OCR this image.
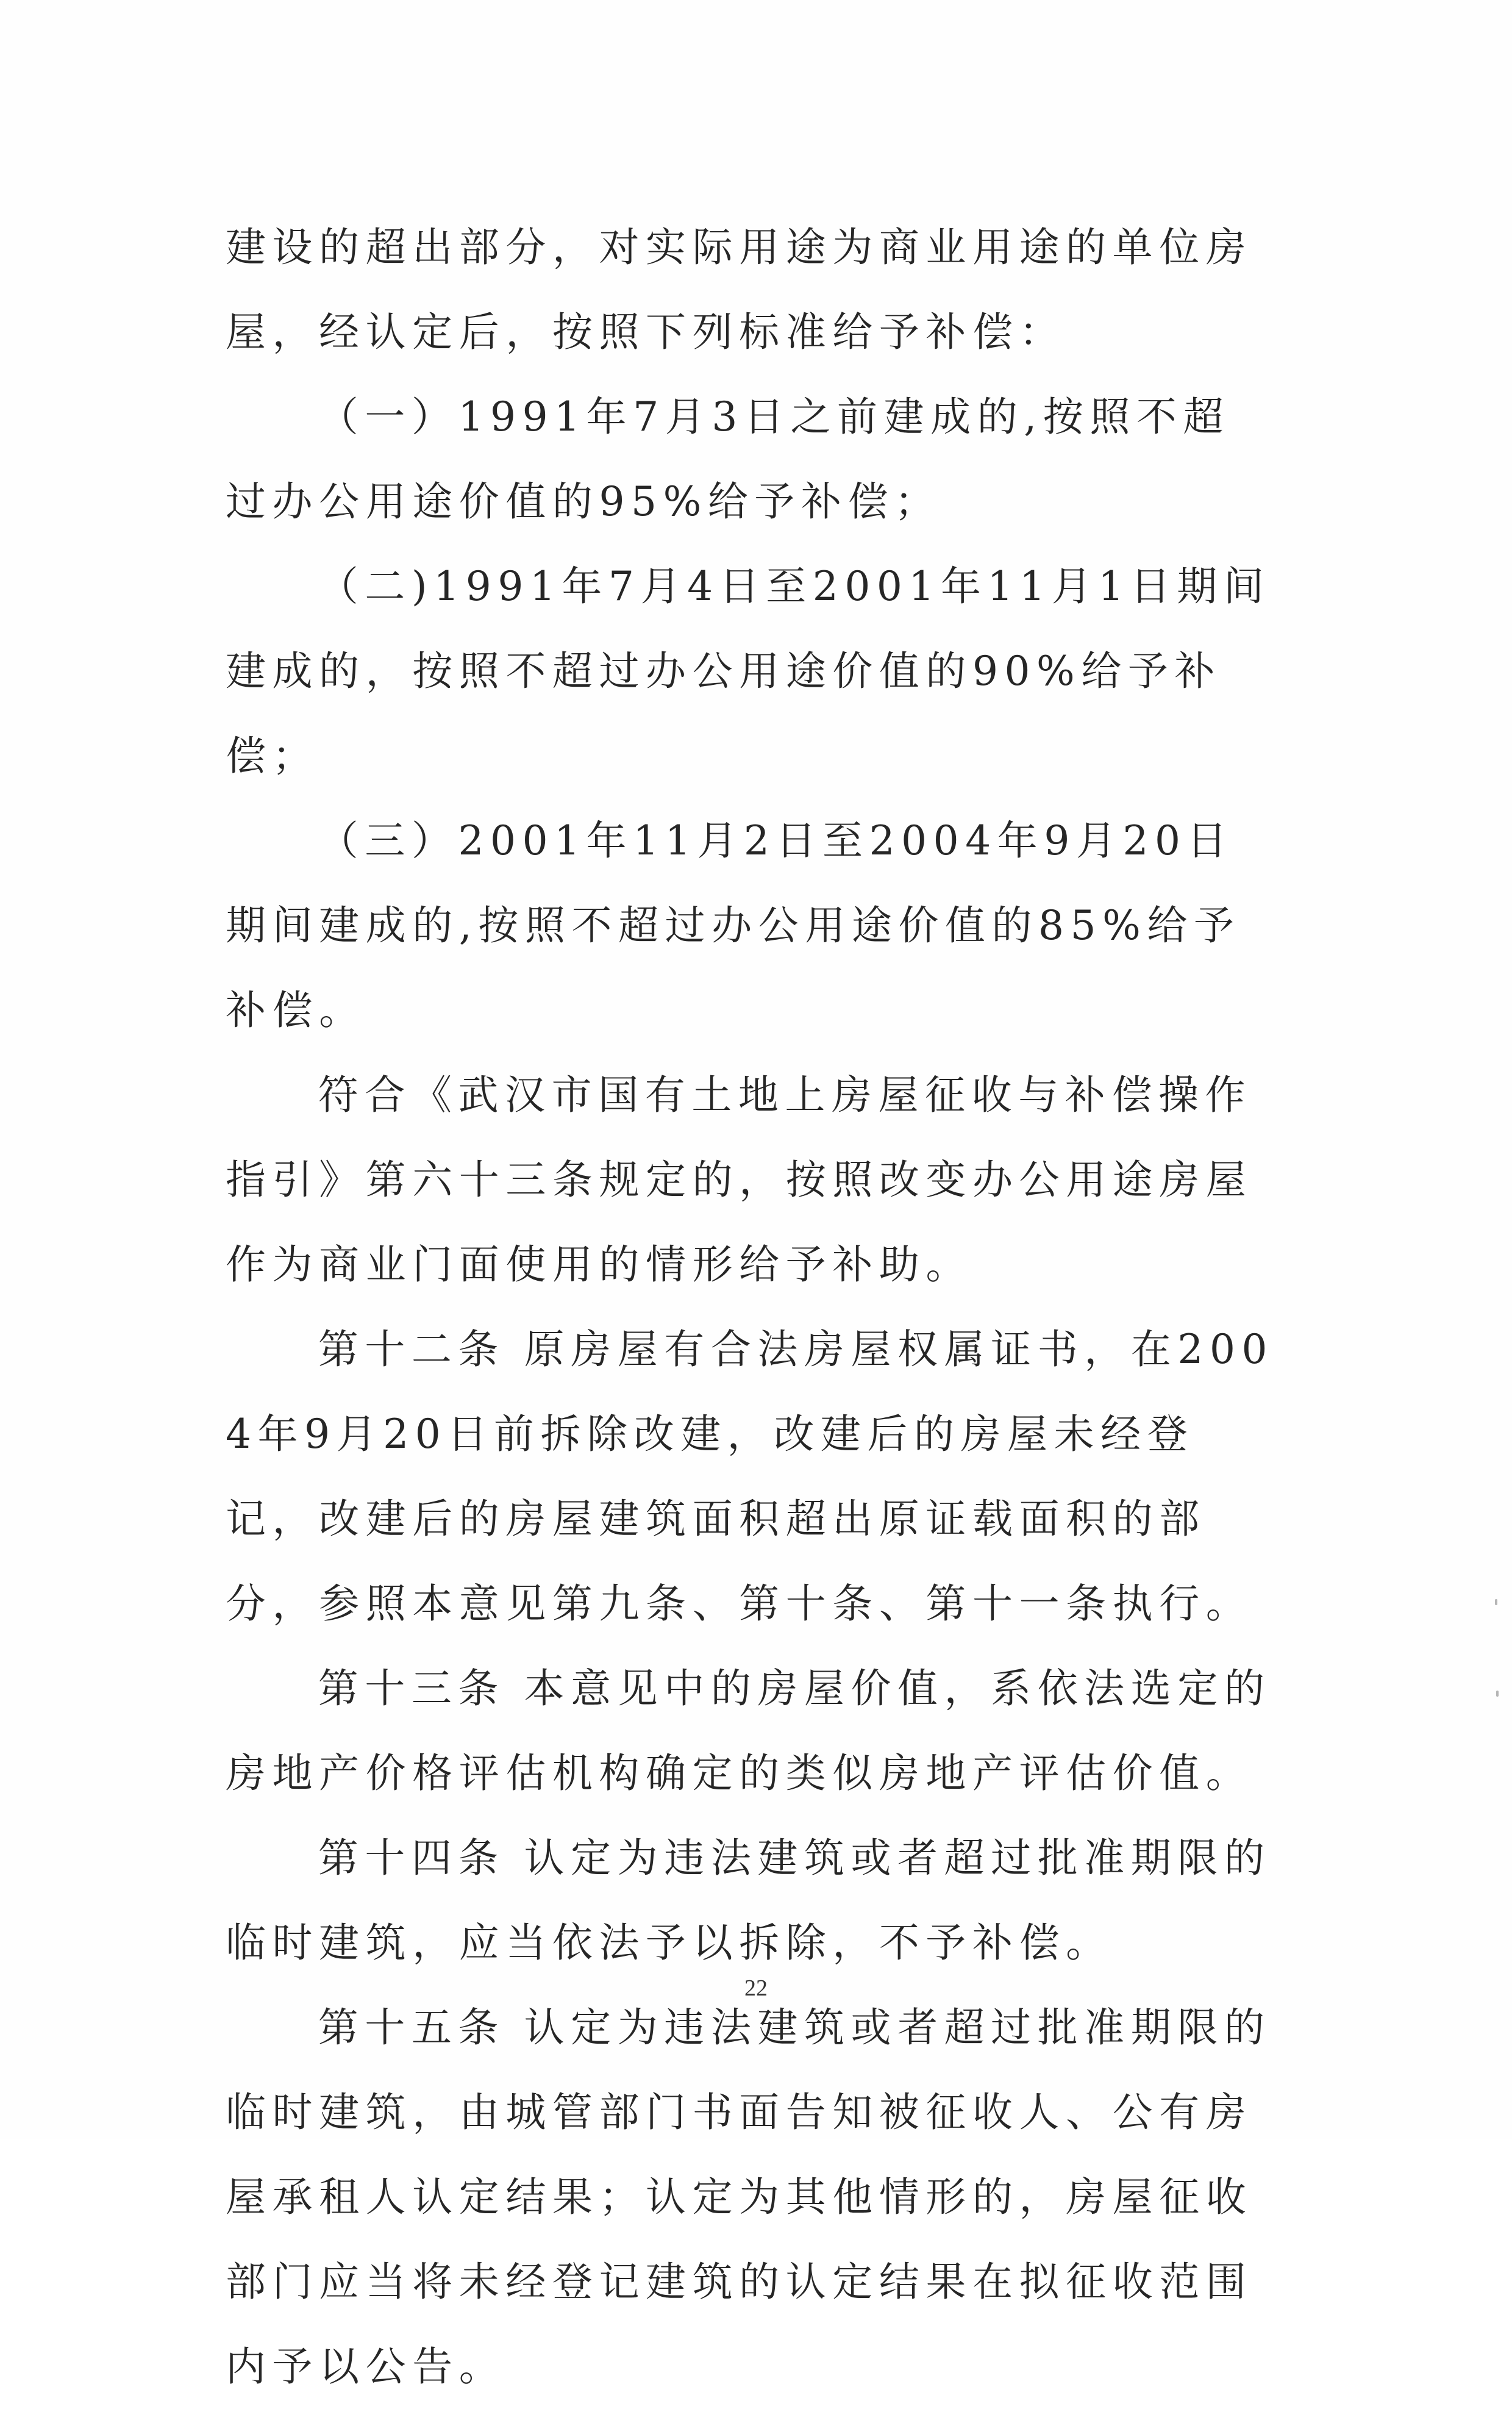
建设的超出部分，对实际用途为商业用途的单位房屋，经认定后，按照下列标准给予补偿：

（一）1991年7月3日之前建成的,按照不超过办公用途价值的95%给予补偿；

（二)1991年7月4日至2001年11月1日期间建成的，按照不超过办公用途价值的90%给予补偿；

（三）2001年11月2日至2004年9月20日期间建成的,按照不超过办公用途价值的85%给予补偿。

符合《武汉市国有土地上房屋征收与补偿操作指引》第六十三条规定的，按照改变办公用途房屋作为商业门面使用的情形给予补助。

第十二条 原房屋有合法房屋权属证书，在2004年9月20日前拆除改建，改建后的房屋未经登记，改建后的房屋建筑面积超出原证载面积的部分，参照本意见第九条、第十条、第十一条执行。

第十三条 本意见中的房屋价值，系依法选定的房地产价格评估机构确定的类似房地产评估价值。

第十四条 认定为违法建筑或者超过批准期限的临时建筑，应当依法予以拆除，不予补偿。

第十五条 认定为违法建筑或者超过批准期限的临时建筑，由城管部门书面告知被征收人、公有房屋承租人认定结果；认定为其他情形的，房屋征收部门应当将未经登记建筑的认定结果在拟征收范围内予以公告。

22
